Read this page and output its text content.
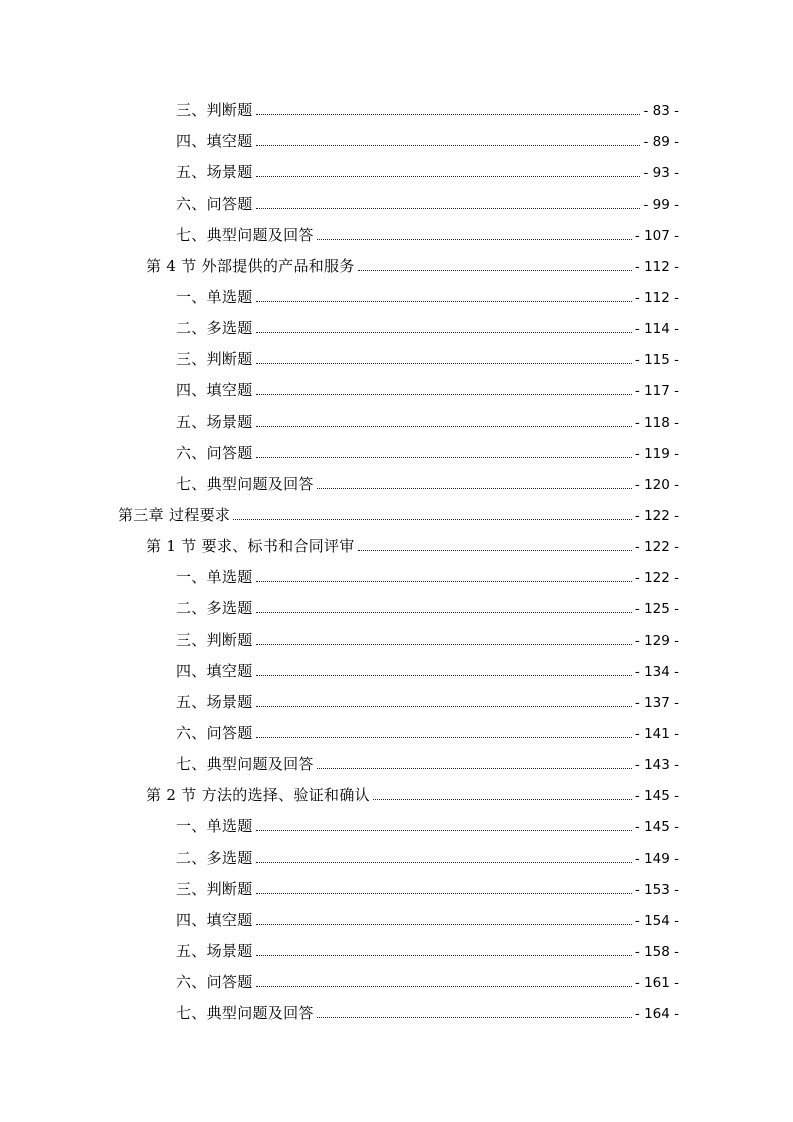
三、判断题	- 83 -
四、填空题	- 89 -
五、场景题	- 93 -
六、问答题	- 99 -
七、典型问题及回答	- 107 -
第 4 节 外部提供的产品和服务	- 112 -
一、单选题	- 112 -
二、多选题	- 114 -
三、判断题	- 115 -
四、填空题	- 117 -
五、场景题	- 118 -
六、问答题	- 119 -
七、典型问题及回答	- 120 -
第三章 过程要求	- 122 -
第 1 节 要求、标书和合同评审	- 122 -
一、单选题	- 122 -
二、多选题	- 125 -
三、判断题	- 129 -
四、填空题	- 134 -
五、场景题	- 137 -
六、问答题	- 141 -
七、典型问题及回答	- 143 -
第 2 节 方法的选择、验证和确认	- 145 -
一、单选题	- 145 -
二、多选题	- 149 -
三、判断题	- 153 -
四、填空题	- 154 -
五、场景题	- 158 -
六、问答题	- 161 -
七、典型问题及回答	- 164 -
